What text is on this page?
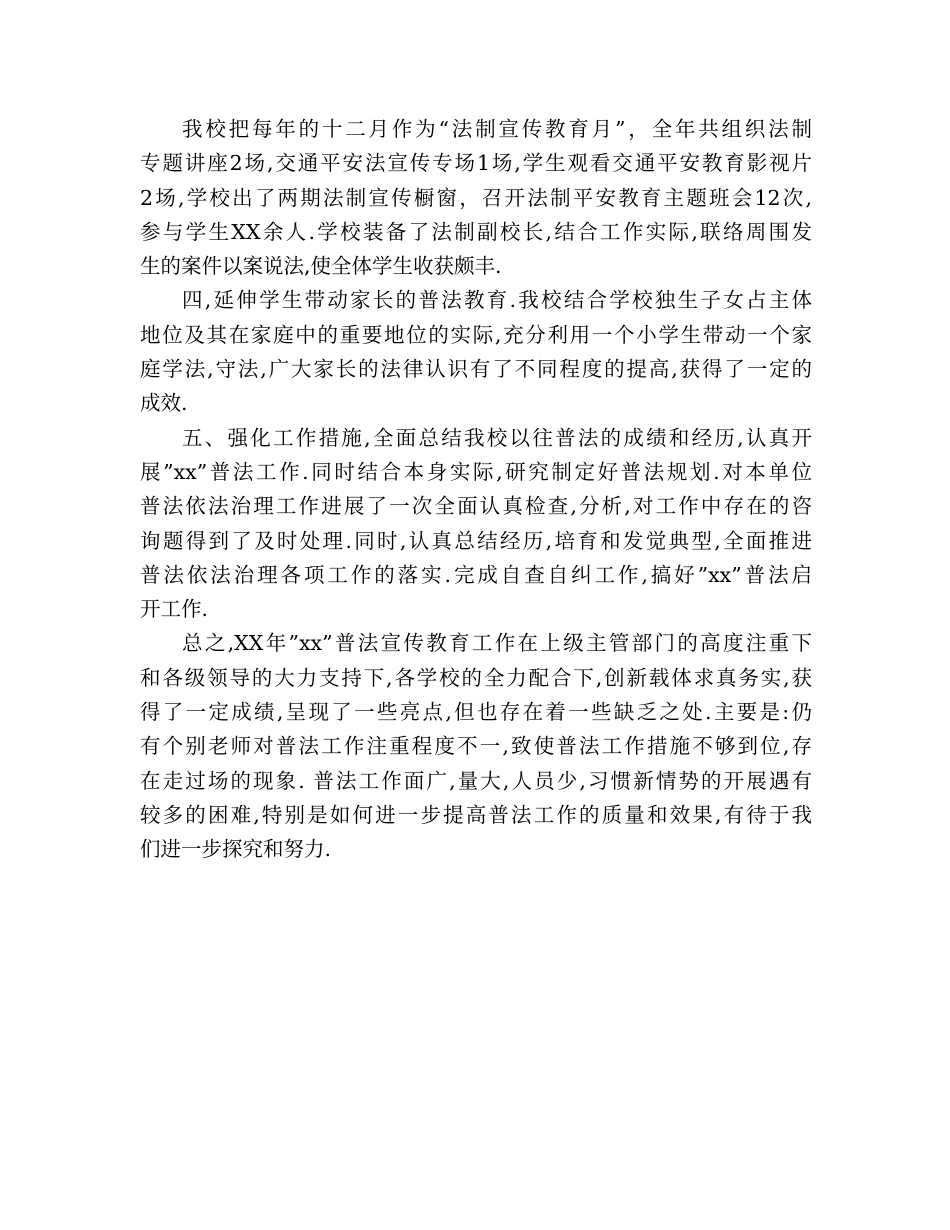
我校把每年的十二月作为“法制宣传教育月”，全年共组织法制
专题讲座2场,交通平安法宣传专场1场,学生观看交通平安教育影视片
2场,学校出了两期法制宣传橱窗，召开法制平安教育主题班会12次,
参与学生XX余人.学校装备了法制副校长,结合工作实际,联络周围发
生的案件以案说法,使全体学生收获颇丰.
四,延伸学生带动家长的普法教育.我校结合学校独生子女占主体
地位及其在家庭中的重要地位的实际,充分利用一个小学生带动一个家
庭学法,守法,广大家长的法律认识有了不同程度的提高,获得了一定的
成效.
五、强化工作措施,全面总结我校以往普法的成绩和经历,认真开
展”xx”普法工作.同时结合本身实际,研究制定好普法规划.对本单位
普法依法治理工作进展了一次全面认真检查,分析,对工作中存在的咨
询题得到了及时处理.同时,认真总结经历,培育和发觉典型,全面推进
普法依法治理各项工作的落实.完成自查自纠工作,搞好”xx”普法启
开工作.
总之,XX年”xx”普法宣传教育工作在上级主管部门的高度注重下
和各级领导的大力支持下,各学校的全力配合下,创新载体求真务实,获
得了一定成绩,呈现了一些亮点,但也存在着一些缺乏之处.主要是:仍
有个别老师对普法工作注重程度不一,致使普法工作措施不够到位,存
在走过场的现象. 普法工作面广,量大,人员少,习惯新情势的开展遇有
较多的困难,特别是如何进一步提高普法工作的质量和效果,有待于我
们进一步探究和努力.
